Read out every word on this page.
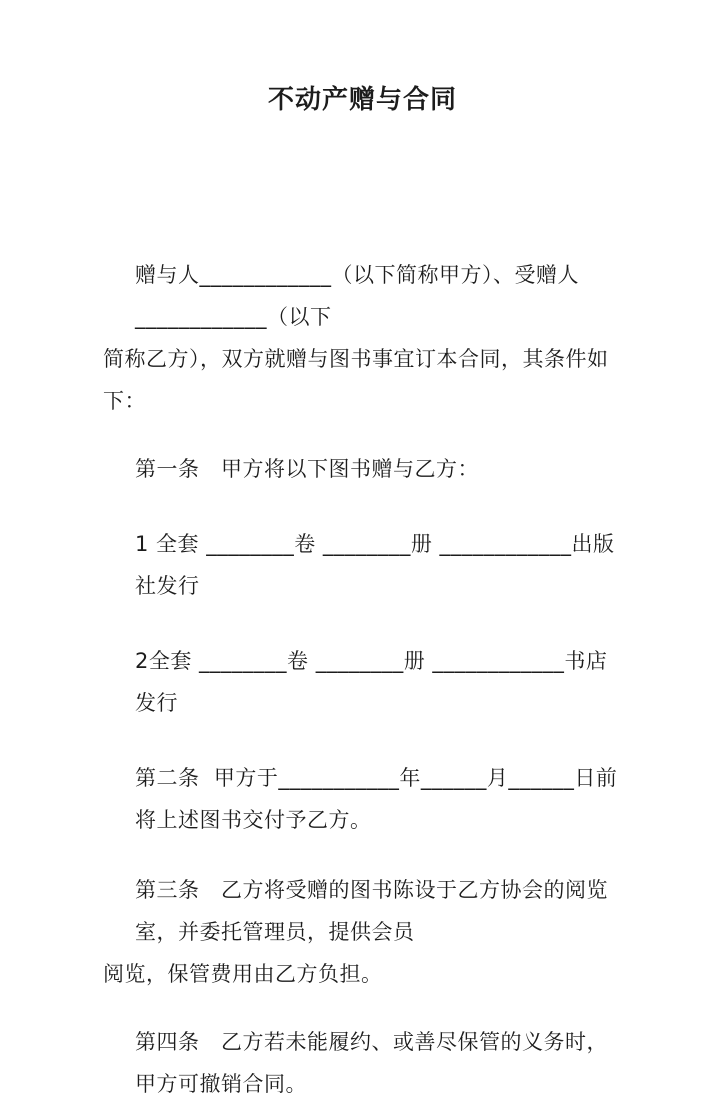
不动产赠与合同
赠与人____________（以下简称甲方）、受赠人____________（以下
简称乙方），双方就赠与图书事宜订本合同，其条件如下：
第一条　甲方将以下图书赠与乙方：
1 全套 ________卷 ________册 ____________出版社发行
2全套 ________卷 ________册 ____________书店发行
第二条  甲方于___________年______月______日前将上述图书交付予乙方。
第三条　乙方将受赠的图书陈设于乙方协会的阅览室，并委托管理员，提供会员
阅览，保管费用由乙方负担。
第四条　乙方若未能履约、或善尽保管的义务时，甲方可撤销合同。
